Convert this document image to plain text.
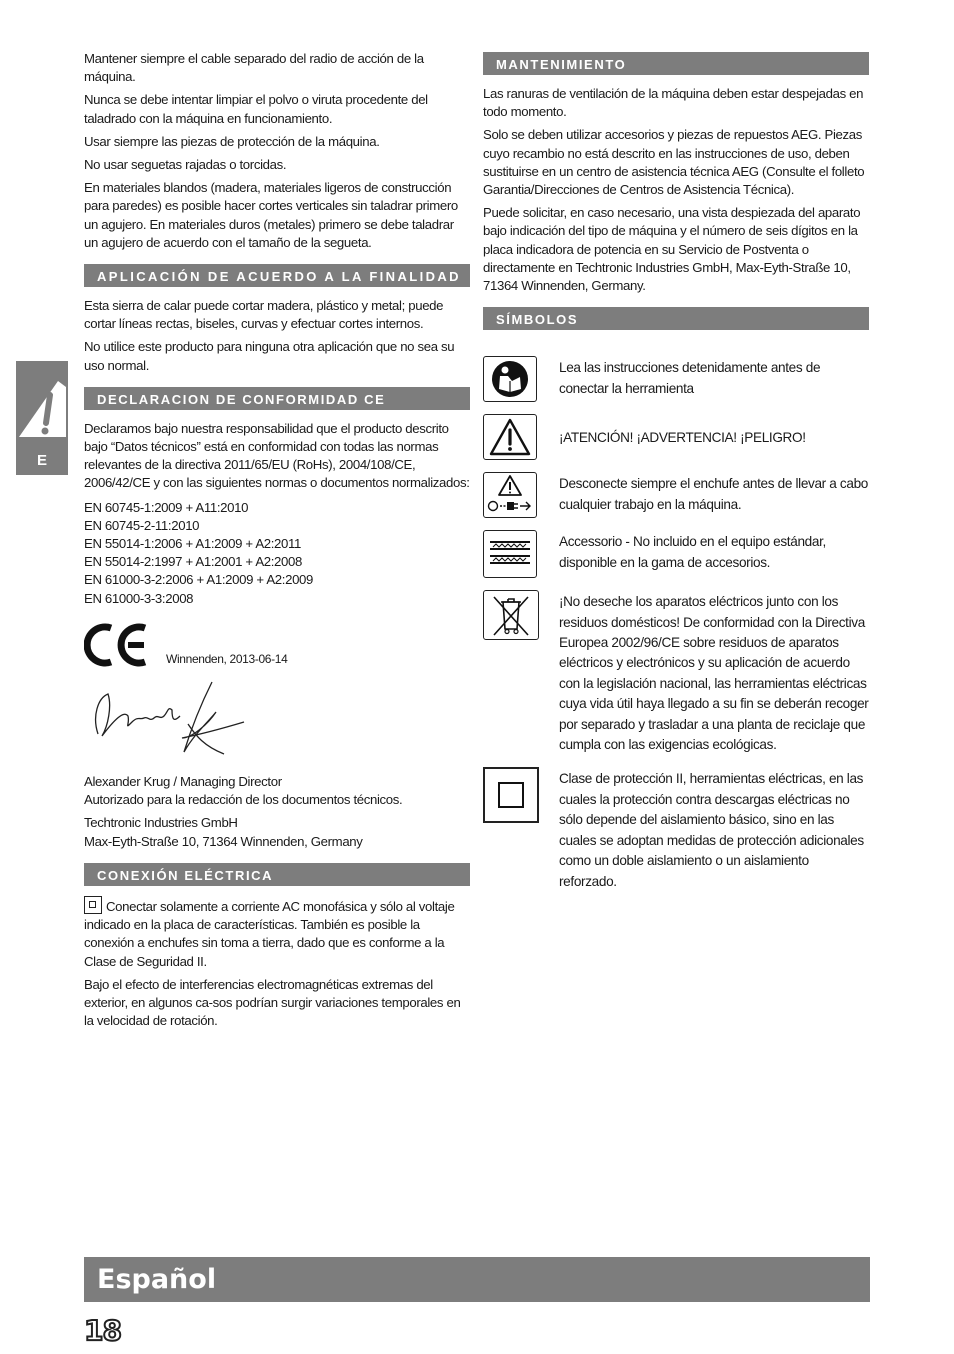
E

Mantener siempre el cable separado del radio de acción de la máquina.

Nunca se debe intentar limpiar el polvo o viruta procedente del taladrado con la máquina en funcionamiento.

Usar siempre las piezas de protección de la máquina.

No usar seguetas rajadas o torcidas.

En materiales blandos (madera, materiales ligeros de construcción para paredes) es posible hacer cortes verticales sin taladrar primero un agujero. En materiales duros (metales) primero se debe taladrar un agujero de acuerdo con el tamaño de la segueta.

APLICACIÓN DE ACUERDO A LA FINALIDAD

Esta sierra de calar puede cortar madera, plástico y metal; puede cortar líneas rectas, biseles, curvas y efectuar cortes internos.

No utilice este producto para ninguna otra aplicación que no sea su uso normal.

DECLARACION DE CONFORMIDAD CE

Declaramos bajo nuestra responsabilidad que el producto descrito bajo “Datos técnicos” está en conformidad con todas las normas relevantes de la directiva 2011/65/EU (RoHs), 2004/108/CE, 2006/42/CE y con las siguientes normas o documentos normalizados:

EN 60745-1:2009 + A11:2010

EN 60745-2-11:2010

EN 55014-1:2006 + A1:2009 + A2:2011

EN 55014-2:1997 + A1:2001 + A2:2008

EN 61000-3-2:2006 + A1:2009 + A2:2009

EN 61000-3-3:2008

Winnenden, 2013-06-14

Alexander Krug / Managing Director

Autorizado para la redacción de los documentos técnicos.

Techtronic Industries GmbH

Max-Eyth-Straße 10, 71364 Winnenden, Germany

CONEXIÓN ELÉCTRICA

Conectar solamente a corriente AC monofásica y sólo al voltaje indicado en la placa de características. También es posible la conexión a enchufes sin toma a tierra, dado que es conforme a la Clase de Seguridad II.

Bajo el efecto de interferencias electromagnéticas extremas del exterior, en algunos ca-sos podrían surgir variaciones temporales en la velocidad de rotación.

MANTENIMIENTO

Las ranuras de ventilación de la máquina deben estar despejadas en todo momento.

Solo se deben utilizar accesorios y piezas de repuestos AEG. Piezas cuyo recambio no está descrito en las instrucciones de uso, deben sustituirse en un centro de asistencia técnica AEG (Consulte el folleto Garantia/Direcciones de Centros de Asistencia Técnica).

Puede solicitar, en caso necesario, una vista despiezada del aparato bajo indicación del tipo de máquina y el número de seis dígitos en la placa indicadora de potencia en su Servicio de Postventa o directamente en Techtronic Industries GmbH, Max-Eyth-Straße 10, 71364 Winnenden, Germany.

SÍMBOLOS
Lea las instrucciones detenidamente antes de conectar la herramienta
¡ATENCIÓN! ¡ADVERTENCIA! ¡PELIGRO!
Desconecte siempre el enchufe antes de llevar a cabo cualquier trabajo en la máquina.
Accessorio - No incluido en el equipo estándar, disponible en la gama de accesorios.
¡No deseche los aparatos eléctricos junto con los residuos domésticos! De conformidad con la Directiva Europea 2002/96/CE sobre residuos de aparatos eléctricos y electrónicos y su aplicación de acuerdo con la legislación nacional, las herramientas eléctricas cuya vida útil haya llegado a su fin se deberán recoger por separado y trasladar a una planta de reciclaje que cumpla con las exigencias ecológicas.
Clase de protección II, herramientas eléctricas, en las cuales la protección contra descargas eléctricas no sólo depende del aislamiento básico, sino en las cuales se adoptan medidas de protección adicionales como un doble aislamiento o un aislamiento reforzado.
Español
18
